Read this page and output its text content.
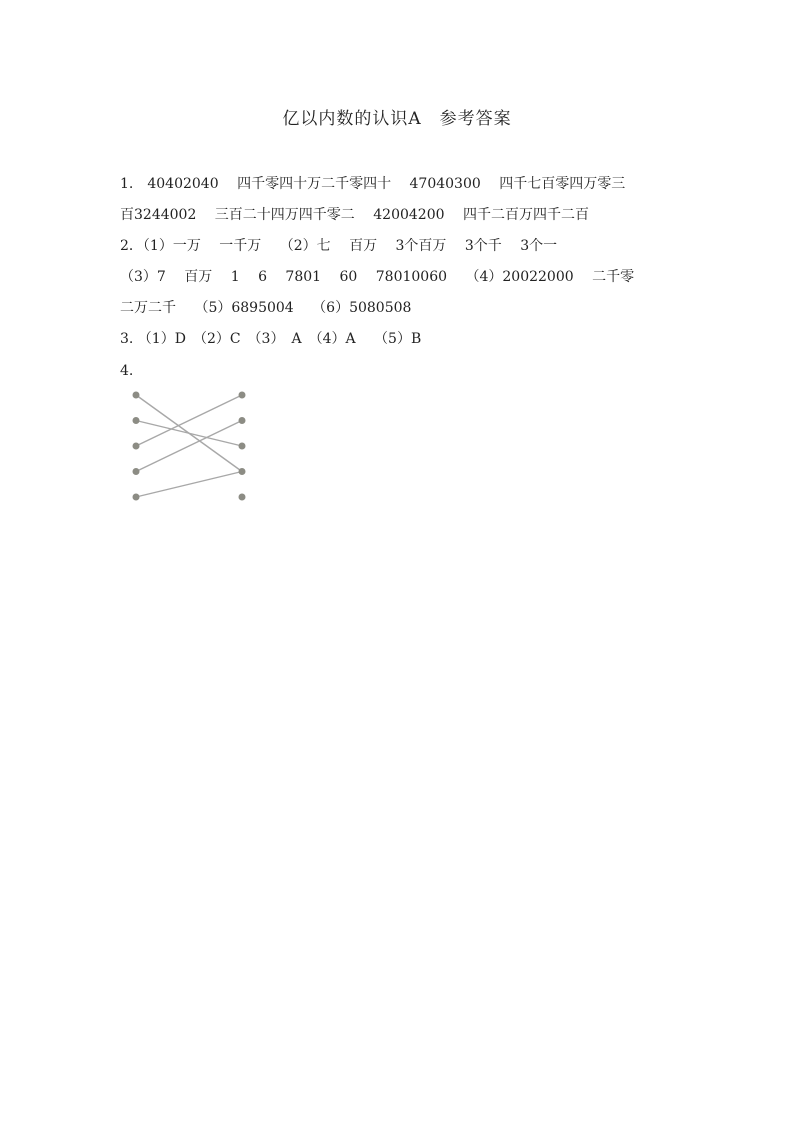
亿以内数的认识A　参考答案
1.　40402040　 四千零四十万二千零四十　 47040300　 四千七百零四万零三
百3244002　 三百二十四万四千零二　 42004200　 四千二百万四千二百
2．（1）一万　 一千万　 （2）七　 百万　 3个百万　 3个千　 3个一
（3）7　 百万　 1　 6　 7801　 60　 78010060　 （4）20022000　 二千零
二万二千　 （5）6895004　 （6）5080508
3. （1）D　（2）C　（3）　A　（4）A　 （5）B
4.
